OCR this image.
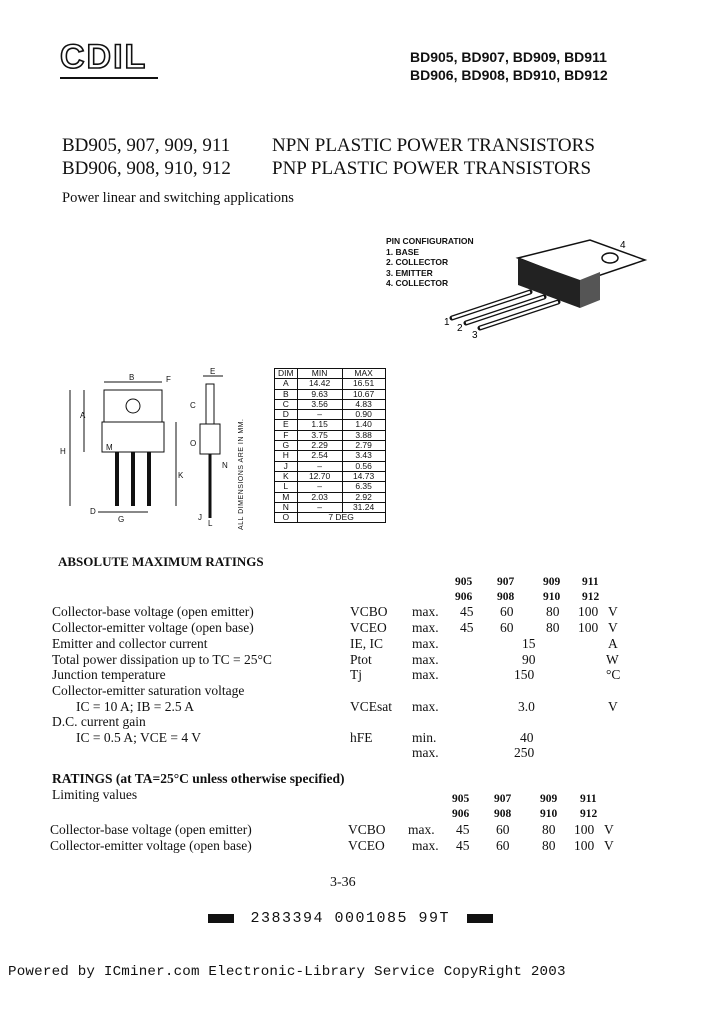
CDIL	BD905, BD907, BD909, BD911
BD906, BD908, BD910, BD912
BD905, 907, 909, 911 NPN PLASTIC POWER TRANSISTORS
BD906, 908, 910, 912 PNP PLASTIC POWER TRANSISTORS
Power linear and switching applications
PIN CONFIGURATION
1. BASE
2. COLLECTOR
3. EMITTER
4. COLLECTOR
1
2
3
4
B	F
A
H
K
D
G
E
C
O
J
L
M
N
DIM	MIN	MAX
A	14.42	16.51
B	9.63	10.67
C	3.56	4.83
D	–	0.90
E	1.15	1.40
F	3.75	3.88
G	2.29	2.79
H	2.54	3.43
J	–	0.56
K	12.70	14.73
L	–	6.35
M	2.03	2.92
N	–	31.24
O	7 DEG	
ALL DIMENSIONS ARE IN MM.
ABSOLUTE MAXIMUM RATINGS
905 907	909 911
906 908	910 912
Collector-base voltage (open emitter)	VCBO max. 45 60 80 100 V
Collector-emitter voltage (open base)	VCEO max. 45 60 80 100 V
Emitter and collector current	IE, IC max.	15	A
Total power dissipation up to TC = 25°C	Ptot	max.	90	W
Junction temperature	Tj	max.	150	°C
Collector-emitter saturation voltage
IC = 10 A; IB = 2.5 A	VCEsat max.	3.0	V
D.C. current gain
IC = 0.5 A; VCE = 4 V	hFE	min.	40
max.	250
RATINGS (at TA=25°C unless otherwise specified)
Limiting values	905 907	909 911
906 908	910 912
Collector-base voltage (open emitter)	VCBO max. 45 60 80 100 V
Collector-emitter voltage (open base)	VCEO max. 45 60 80 100 V
3-36
2383394 0001085 99T
Powered by ICminer.com Electronic-Library Service CopyRight 2003
